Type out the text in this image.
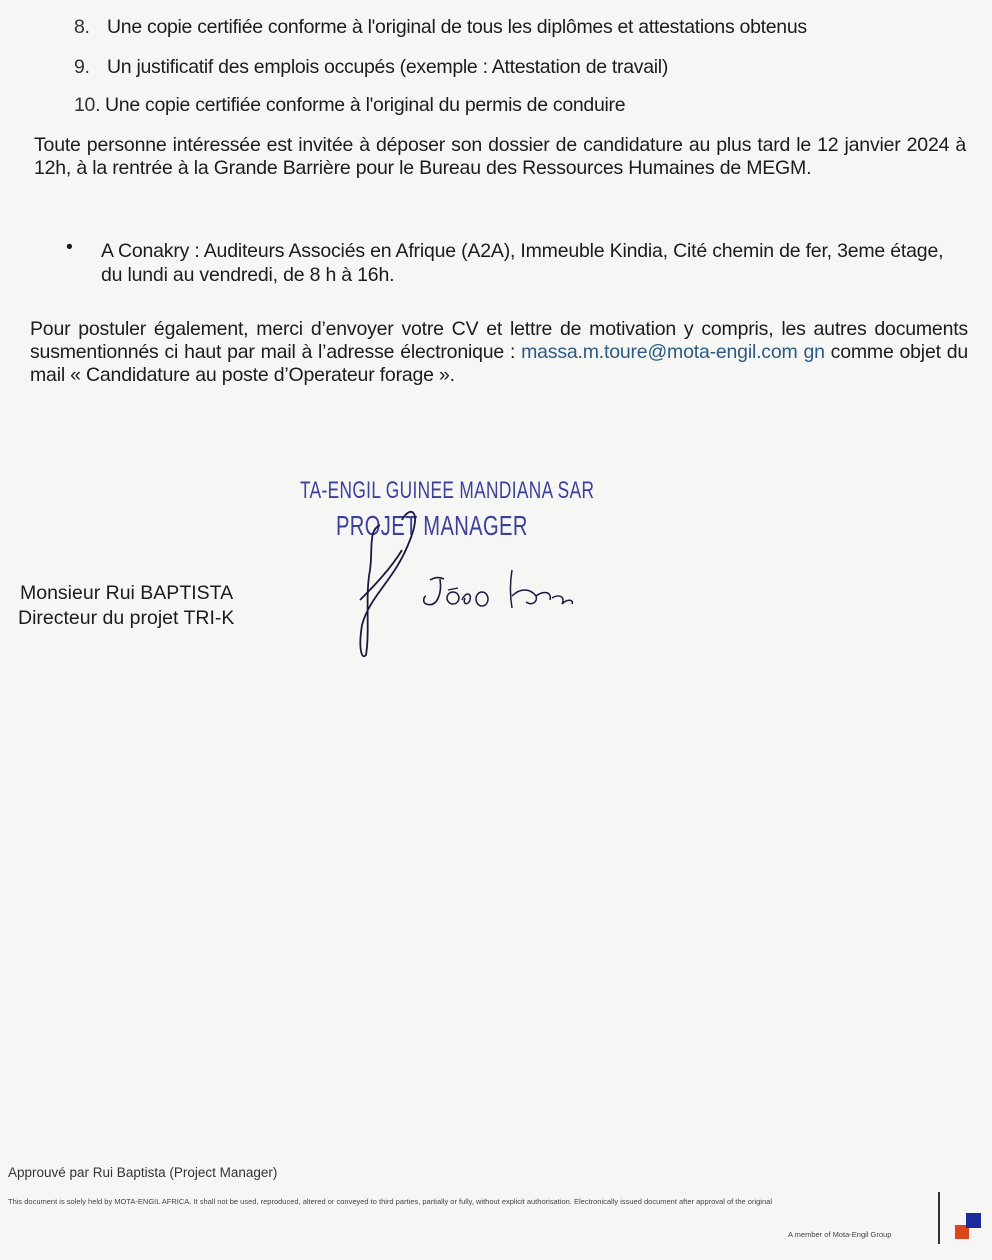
8. Une copie certifiée conforme à l'original de tous les diplômes et attestations obtenus
9. Un justificatif des emplois occupés (exemple : Attestation de travail)
10. Une copie certifiée conforme à l'original du permis de conduire
Toute personne intéressée est invitée à déposer son dossier de candidature au plus tard le 12 janvier 2024 à 12h, à la rentrée à la Grande Barrière pour le Bureau des Ressources Humaines de MEGM.
• A Conakry : Auditeurs Associés en Afrique (A2A), Immeuble Kindia, Cité chemin de fer, 3eme étage, du lundi au vendredi, de 8 h à 16h.
Pour postuler également, merci d’envoyer votre CV et lettre de motivation y compris, les autres documents susmentionnés ci haut par mail à l’adresse électronique : massa.m.toure@mota-engil.com gn comme objet du mail « Candidature au poste d’Operateur forage ».
TA-ENGIL GUINEE MANDIANA SAR
PROJET MANAGER
Monsieur Rui BAPTISTA
Directeur du projet TRI-K
Approuvé par Rui Baptista (Project Manager)
This document is solely held by MOTA-ENGIL AFRICA. It shall not be used, reproduced, altered or conveyed to third parties, partially or fully, without explicit authorisation. Electronically issued document after approval of the original
A member of Mota-Engil Group
